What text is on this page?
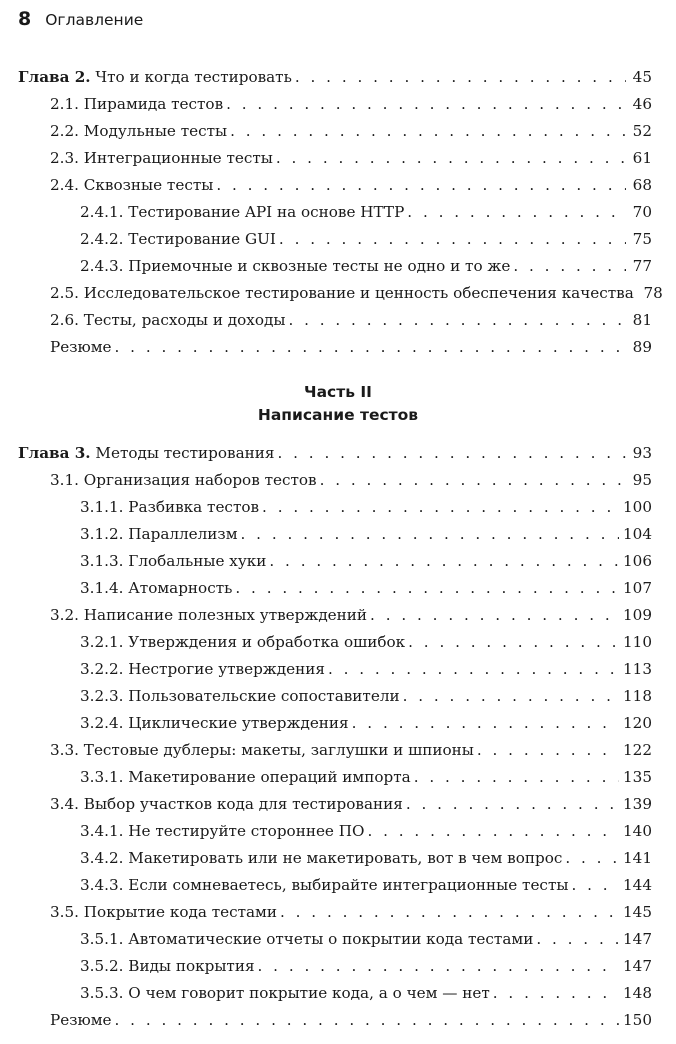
8 Оглавление
Глава 2. Что и когда тестировать . . .	45
2.1. Пирамида тестов . . .	46
2.2. Модульные тесты . . .	52
2.3. Интеграционные тесты . . .	61
2.4. Сквозные тесты . . .	68
2.4.1. Тестирование API на основе HTTP . . .	70
2.4.2. Тестирование GUI . . .	75
2.4.3. Приемочные и сквозные тесты не одно и то же . . .	77
2.5. Исследовательское тестирование и ценность обеспечения качества 78
2.6. Тесты, расходы и доходы . . .	81
Резюме . . .	89
Часть II
Написание тестов
Глава 3. Методы тестирования . . .	93
3.1. Организация наборов тестов . . .	95
3.1.1. Разбивка тестов . . .	100
3.1.2. Параллелизм . . .	104
3.1.3. Глобальные хуки . . .	106
3.1.4. Атомарность . . .	107
3.2. Написание полезных утверждений . . .	109
3.2.1. Утверждения и обработка ошибок . . .	110
3.2.2. Нестрогие утверждения . . .	113
3.2.3. Пользовательские сопоставители . . .	118
3.2.4. Циклические утверждения . . .	120
3.3. Тестовые дублеры: макеты, заглушки и шпионы . . .	122
3.3.1. Макетирование операций импорта . . .	135
3.4. Выбор участков кода для тестирования . . .	139
3.4.1. Не тестируйте стороннее ПО . . .	140
3.4.2. Макетировать или не макетировать, вот в чем вопрос . . .	141
3.4.3. Если сомневаетесь, выбирайте интеграционные тесты . . .	144
3.5. Покрытие кода тестами . . .	145
3.5.1. Автоматические отчеты о покрытии кода тестами . . .	147
3.5.2. Виды покрытия . . .	147
3.5.3. О чем говорит покрытие кода, а о чем — нет . . .	148
Резюме . . .	150
